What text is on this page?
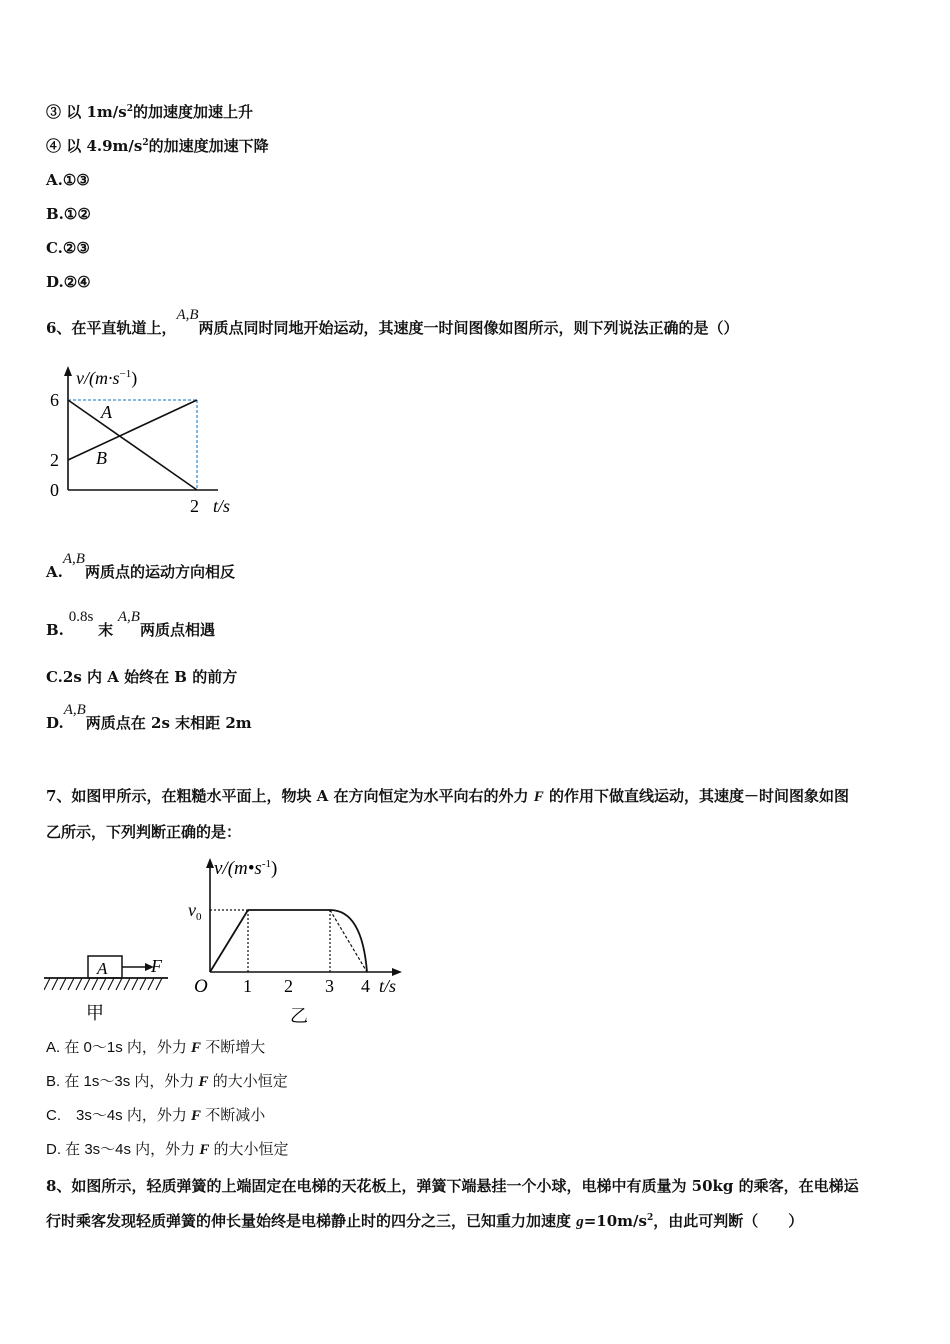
③ 以 $1m/s^2$的加速度加速上升
④ 以 $4.9m/s^2$的加速度加速下降
A.①③
B.①②
C.②③
D.②④
6、在平直轨道上，A,B两质点同时同地开始运动，其速度一时间图像如图所示，则下列说法正确的是（）
$v/(m\cdot s^{-1})$
6
2
0
2 t/s
A
B
A.A,B两质点的运动方向相反
B. 0.8s 末 A,B两质点相遇
C.2s 内 A 始终在 B 的前方
D.A,B两质点在 2s 末相距 2m
7、如图甲所示，在粗糙水平面上，物块 A 在方向恒定为水平向右的外力 F 的作用下做直线运动，其速度－时间图象如图
乙所示，下列判断正确的是：
A F
甲
$v/(m•s^{-1})$
$v_0$
O 1 2 3 4 t/s
乙
A. 在 0～1s 内，外力 F 不断增大
B. 在 1s～3s 内，外力 F 的大小恒定
C.　3s～4s 内，外力 F 不断减小
D. 在 3s～4s 内，外力 F 的大小恒定
8、如图所示，轻质弹簧的上端固定在电梯的天花板上，弹簧下端悬挂一个小球，电梯中有质量为 50kg 的乘客，在电梯运
行时乘客发现轻质弹簧的伸长量始终是电梯静止时的四分之三，已知重力加速度 $g=10m/s^2$，由此可判断（　　）
